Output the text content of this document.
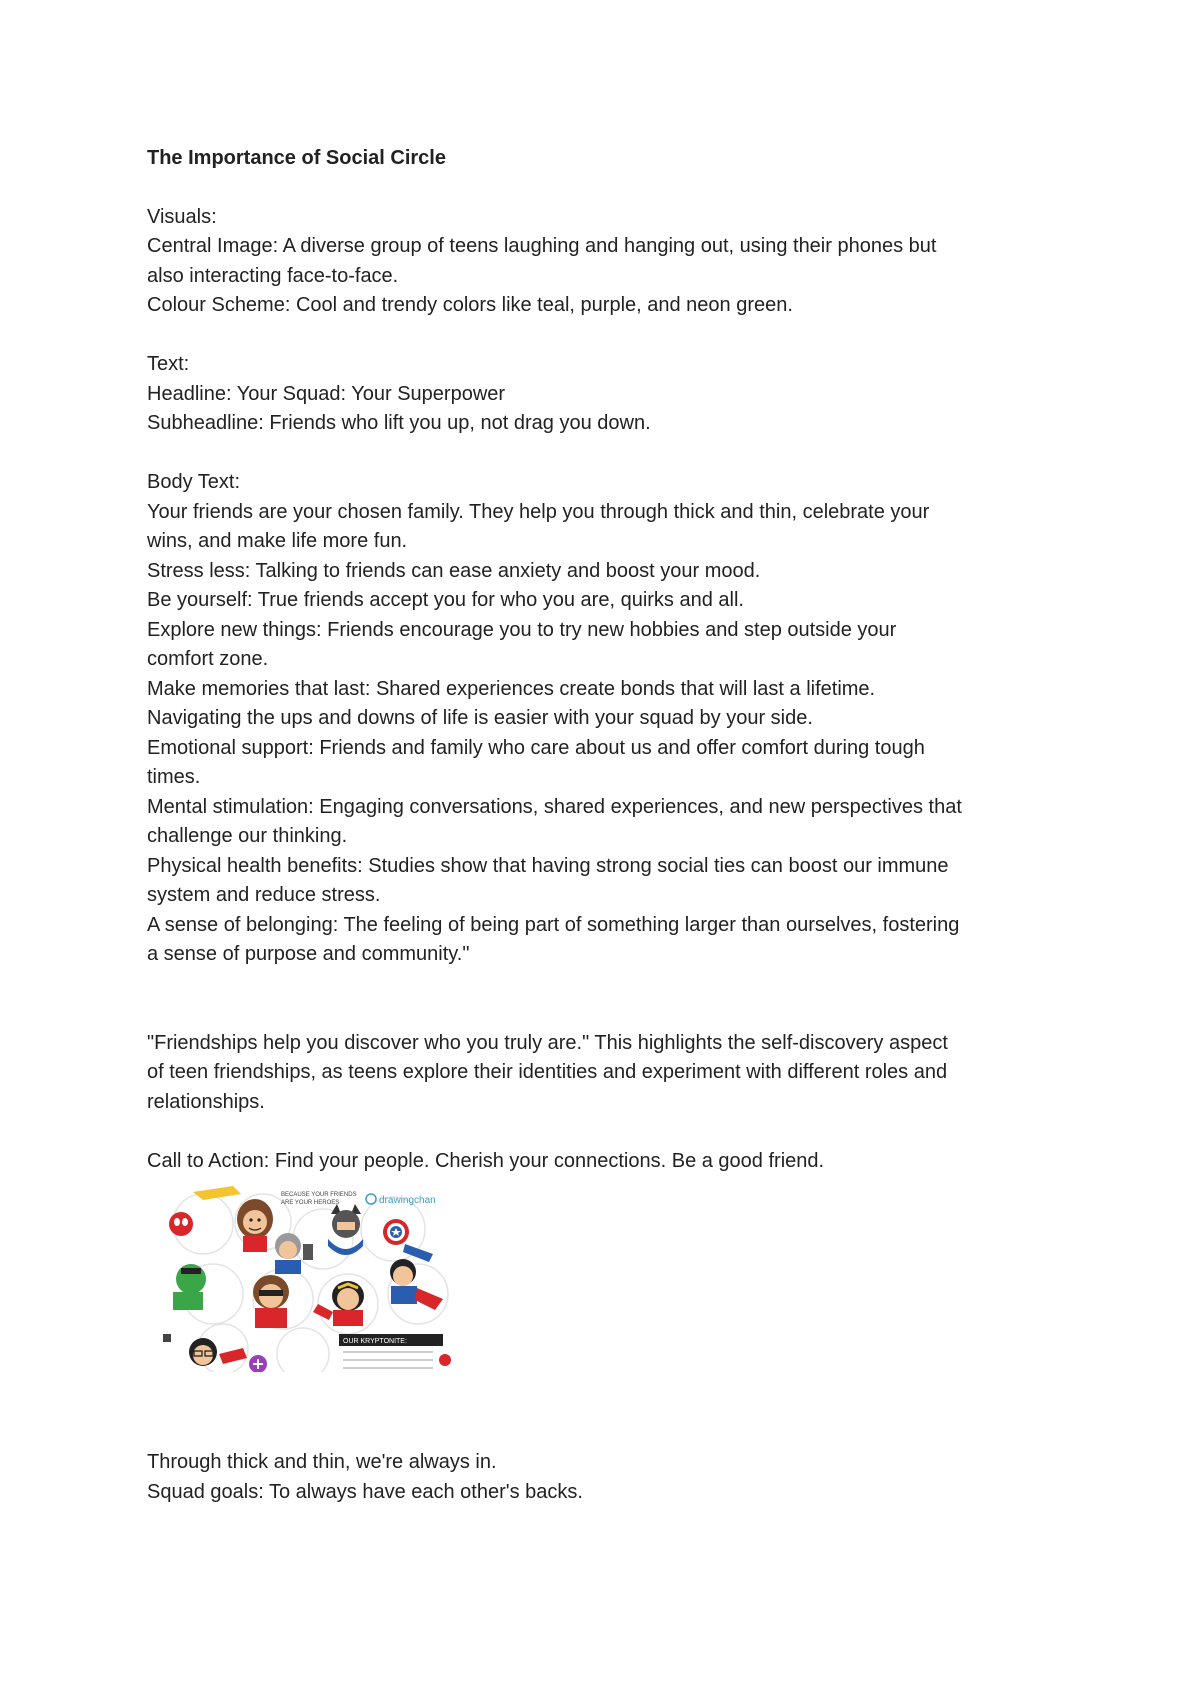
The Importance of Social Circle

Visuals:

Central Image: A diverse group of teens laughing and hanging out, using their phones but

also interacting face-to-face.

Colour Scheme: Cool and trendy colors like teal, purple, and neon green.

Text:

Headline: Your Squad: Your Superpower

Subheadline: Friends who lift you up, not drag you down.

Body Text:

Your friends are your chosen family. They help you through thick and thin, celebrate your

wins, and make life more fun.

Stress less: Talking to friends can ease anxiety and boost your mood.

Be yourself: True friends accept you for who you are, quirks and all.

Explore new things: Friends encourage you to try new hobbies and step outside your

comfort zone.

Make memories that last: Shared experiences create bonds that will last a lifetime.

Navigating the ups and downs of life is easier with your squad by your side.

Emotional support: Friends and family who care about us and offer comfort during tough

times.

Mental stimulation: Engaging conversations, shared experiences, and new perspectives that

challenge our thinking.

Physical health benefits: Studies show that having strong social ties can boost our immune

system and reduce stress.

A sense of belonging: The feeling of being part of something larger than ourselves, fostering

a sense of purpose and community."

"Friendships help you discover who you truly are." This highlights the self-discovery aspect

of teen friendships, as teens explore their identities and experiment with different roles and

relationships.

Call to Action: Find your people. Cherish your connections. Be a good friend.

BECAUSE YOUR FRIENDS
ARE YOUR HEROES	drawingchan
OUR KRYPTONITE:

Through thick and thin, we're always in.

Squad goals: To always have each other's backs.
